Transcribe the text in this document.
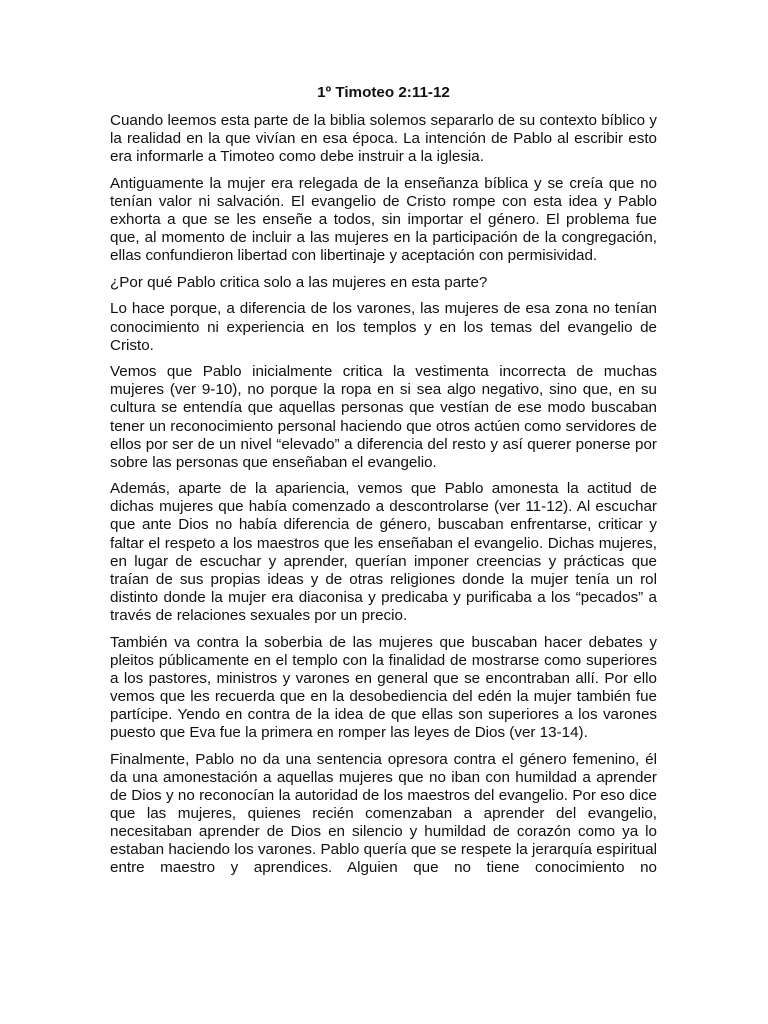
1º Timoteo 2:11-12

Cuando leemos esta parte de la biblia solemos separarlo de su contexto bíblico y la realidad en la que vivían en esa época. La intención de Pablo al escribir esto era informarle a Timoteo como debe instruir a la iglesia.

Antiguamente la mujer era relegada de la enseñanza bíblica y se creía que no tenían valor ni salvación. El evangelio de Cristo rompe con esta idea y Pablo exhorta a que se les enseñe a todos, sin importar el género. El problema fue que, al momento de incluir a las mujeres en la participación de la congregación, ellas confundieron libertad con libertinaje y aceptación con permisividad.

¿Por qué Pablo critica solo a las mujeres en esta parte?

Lo hace porque, a diferencia de los varones, las mujeres de esa zona no tenían conocimiento ni experiencia en los templos y en los temas del evangelio de Cristo.

Vemos que Pablo inicialmente critica la vestimenta incorrecta de muchas mujeres (ver 9-10), no porque la ropa en si sea algo negativo, sino que, en su cultura se entendía que aquellas personas que vestían de ese modo buscaban tener un reconocimiento personal haciendo que otros actúen como servidores de ellos por ser de un nivel “elevado” a diferencia del resto y así querer ponerse por sobre las personas que enseñaban el evangelio.

Además, aparte de la apariencia, vemos que Pablo amonesta la actitud de dichas mujeres que había comenzado a descontrolarse (ver 11-12). Al escuchar que ante Dios no había diferencia de género, buscaban enfrentarse, criticar y faltar el respeto a los maestros que les enseñaban el evangelio. Dichas mujeres, en lugar de escuchar y aprender, querían imponer creencias y prácticas que traían de sus propias ideas y de otras religiones donde la mujer tenía un rol distinto donde la mujer era diaconisa y predicaba y purificaba a los “pecados” a través de relaciones sexuales por un precio.

También va contra la soberbia de las mujeres que buscaban hacer debates y pleitos públicamente en el templo con la finalidad de mostrarse como superiores a los pastores, ministros y varones en general que se encontraban allí. Por ello vemos que les recuerda que en la desobediencia del edén la mujer también fue partícipe. Yendo en contra de la idea de que ellas son superiores a los varones puesto que Eva fue la primera en romper las leyes de Dios (ver 13-14).

Finalmente, Pablo no da una sentencia opresora contra el género femenino, él da una amonestación a aquellas mujeres que no iban con humildad a aprender de Dios y no reconocían la autoridad de los maestros del evangelio. Por eso dice que las mujeres, quienes recién comenzaban a aprender del evangelio, necesitaban aprender de Dios en silencio y humildad de corazón como ya lo estaban haciendo los varones. Pablo quería que se respete la jerarquía espiritual entre maestro y aprendices. Alguien que no tiene conocimiento no
